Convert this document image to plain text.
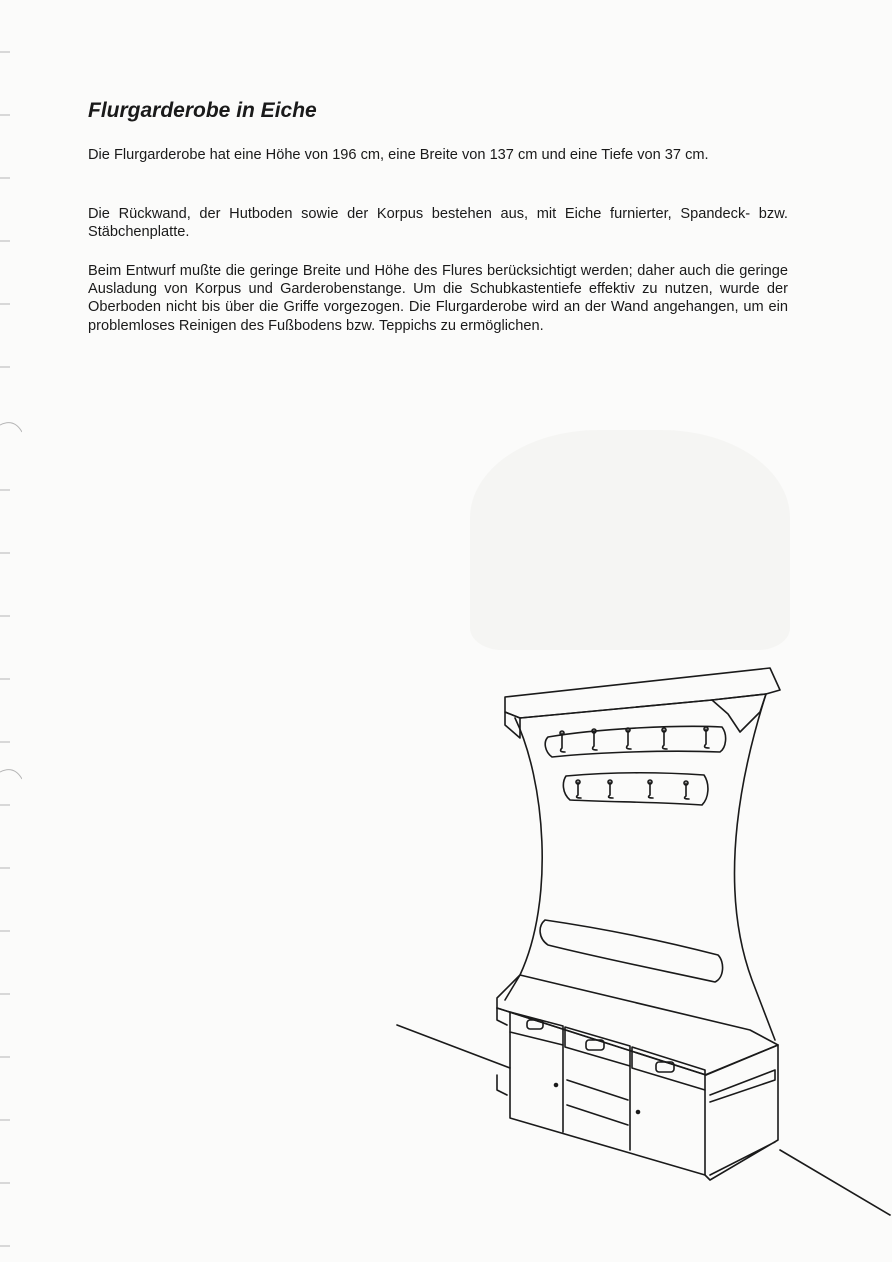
Flurgarderobe in Eiche

Die Flurgarderobe hat eine Höhe von 196 cm, eine Breite von 137 cm und eine Tiefe von 37 cm.

Die Rückwand, der Hutboden sowie der Korpus bestehen aus, mit Eiche furnierter, Spandeck- bzw. Stäbchenplatte.

Beim Entwurf mußte die geringe Breite und Höhe des Flures berücksichtigt werden; daher auch die geringe Ausladung von Korpus und Garderobenstange. Um die Schubkastentiefe effektiv zu nutzen, wurde der Oberboden nicht bis über die Griffe vorgezogen. Die Flurgarderobe wird an der Wand angehangen, um ein problemloses Reinigen des Fußbodens bzw. Teppichs zu ermöglichen.
